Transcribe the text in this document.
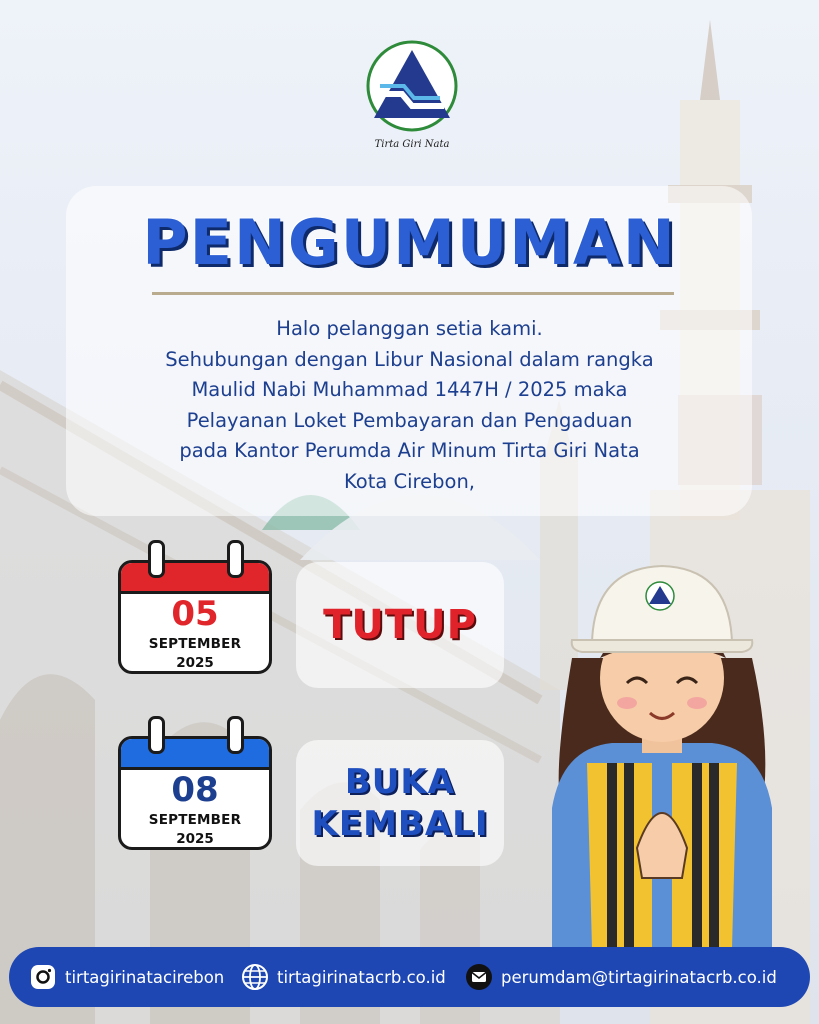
Tirta Giri Nata
PENGUMUMAN
Halo pelanggan setia kami.
Sehubungan dengan Libur Nasional dalam rangka
Maulid Nabi Muhammad 1447H / 2025 maka
Pelayanan Loket Pembayaran dan Pengaduan
pada Kantor Perumda Air Minum Tirta Giri Nata
Kota Cirebon,
05
SEPTEMBER
2025
TUTUP
08
SEPTEMBER
2025
BUKA
KEMBALI
tirtagirinatacirebon	tirtagirinatacrb.co.id	perumdam@tirtagirinatacrb.co.id
